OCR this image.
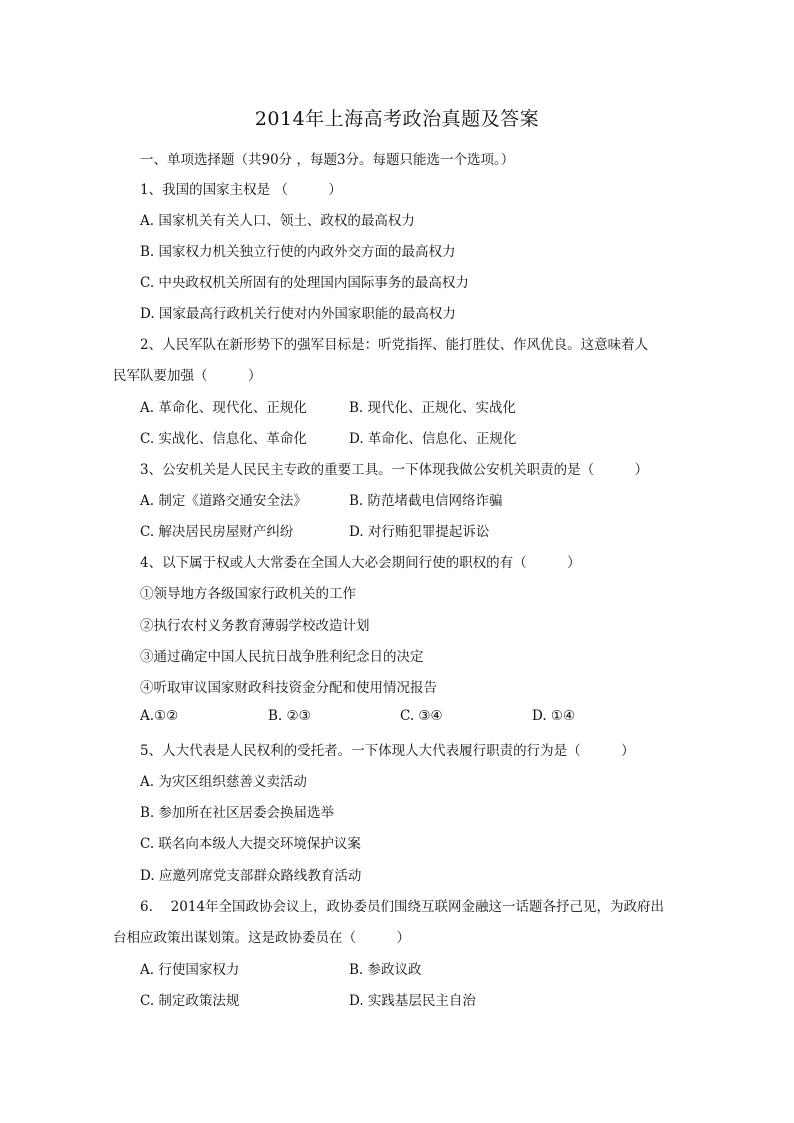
2014年上海高考政治真题及答案
一、单项选择题（共90分 ，每题3分。每题只能选一个选项。）
1、我国的国家主权是 （　　　）
A. 国家机关有关人口、领土、政权的最高权力
B. 国家权力机关独立行使的内政外交方面的最高权力
C. 中央政权机关所固有的处理国内国际事务的最高权力
D. 国家最高行政机关行使对内外国家职能的最高权力
2、人民军队在新形势下的强军目标是：听党指挥、能打胜仗、作风优良。这意味着人
民军队要加强（　　　）
A. 革命化、现代化、正规化	B. 现代化、正规化、实战化
C. 实战化、信息化、革命化	D. 革命化、信息化、正规化
3、公安机关是人民民主专政的重要工具。一下体现我做公安机关职责的是（　　　）
A. 制定《道路交通安全法》	B. 防范堵截电信网络诈骗
C. 解决居民房屋财产纠纷	D. 对行贿犯罪提起诉讼
4、以下属于权或人大常委在全国人大必会期间行使的职权的有（　　　）
①领导地方各级国家行政机关的工作
②执行农村义务教育薄弱学校改造计划
③通过确定中国人民抗日战争胜利纪念日的决定
④听取审议国家财政科技资金分配和使用情况报告
A.①②	B. ②③	C. ③④	D. ①④
5、人大代表是人民权利的受托者。一下体现人大代表履行职责的行为是（　　　）
A. 为灾区组织慈善义卖活动
B. 参加所在社区居委会换届选举
C. 联名向本级人大提交环境保护议案
D. 应邀列席党支部群众路线教育活动
6.　 2014年全国政协会议上，政协委员们围绕互联网金融这一话题各抒己见，为政府出
台相应政策出谋划策。这是政协委员在（　　　）
A. 行使国家权力	B. 参政议政
C. 制定政策法规	D. 实践基层民主自治
